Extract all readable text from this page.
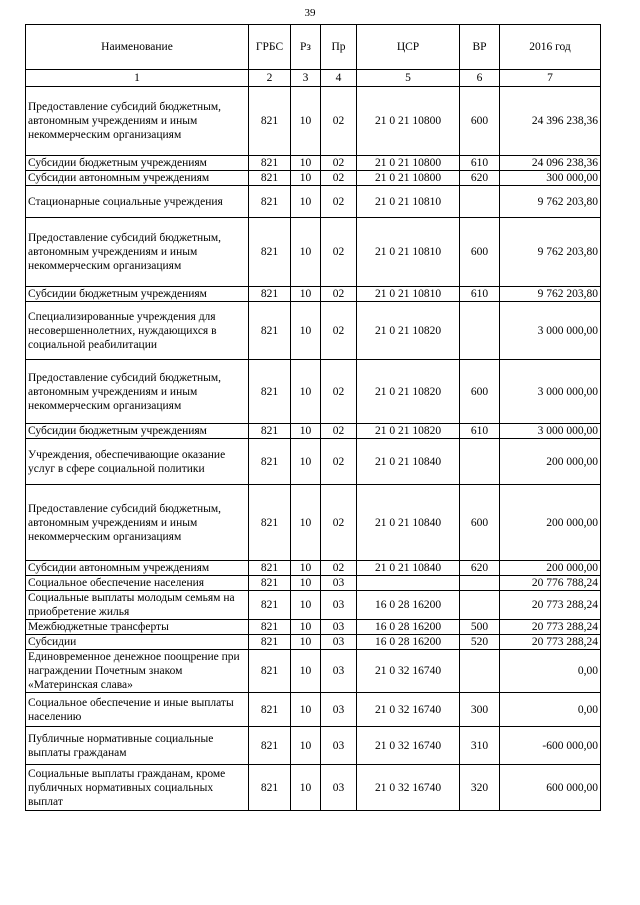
39
Наименование	ГРБС	Рз	Пр	ЦСР	ВР	2016 год
1	2	3	4	5	6	7
Предоставление субсидий бюджетным, автономным учреждениям и иным некоммерческим организациям	821	10	02	21 0 21 10800	600	24 396 238,36
Субсидии бюджетным учреждениям	821	10	02	21 0 21 10800	610	24 096 238,36
Субсидии автономным учреждениям	821	10	02	21 0 21 10800	620	300 000,00
Стационарные социальные учреждения	821	10	02	21 0 21 10810		9 762 203,80
Предоставление субсидий бюджетным, автономным учреждениям и иным некоммерческим организациям	821	10	02	21 0 21 10810	600	9 762 203,80
Субсидии бюджетным учреждениям	821	10	02	21 0 21 10810	610	9 762 203,80
Специализированные учреждения для несовершеннолетних, нуждающихся в социальной реабилитации	821	10	02	21 0 21 10820		3 000 000,00
Предоставление субсидий бюджетным, автономным учреждениям и иным некоммерческим организациям	821	10	02	21 0 21 10820	600	3 000 000,00
Субсидии бюджетным учреждениям	821	10	02	21 0 21 10820	610	3 000 000,00
Учреждения, обеспечивающие оказание услуг в сфере социальной политики	821	10	02	21 0 21 10840		200 000,00
Предоставление субсидий бюджетным, автономным учреждениям и иным некоммерческим организациям	821	10	02	21 0 21 10840	600	200 000,00
Субсидии автономным учреждениям	821	10	02	21 0 21 10840	620	200 000,00
Социальное обеспечение населения	821	10	03			20 776 788,24
Социальные выплаты молодым семьям на приобретение жилья	821	10	03	16 0 28 16200		20 773 288,24
Межбюджетные трансферты	821	10	03	16 0 28 16200	500	20 773 288,24
Субсидии	821	10	03	16 0 28 16200	520	20 773 288,24
Единовременное денежное поощрение при награждении Почетным знаком «Материнская слава»	821	10	03	21 0 32 16740		0,00
Социальное обеспечение и иные выплаты населению	821	10	03	21 0 32 16740	300	0,00
Публичные нормативные социальные выплаты гражданам	821	10	03	21 0 32 16740	310	-600 000,00
Социальные выплаты гражданам, кроме публичных нормативных социальных выплат	821	10	03	21 0 32 16740	320	600 000,00
